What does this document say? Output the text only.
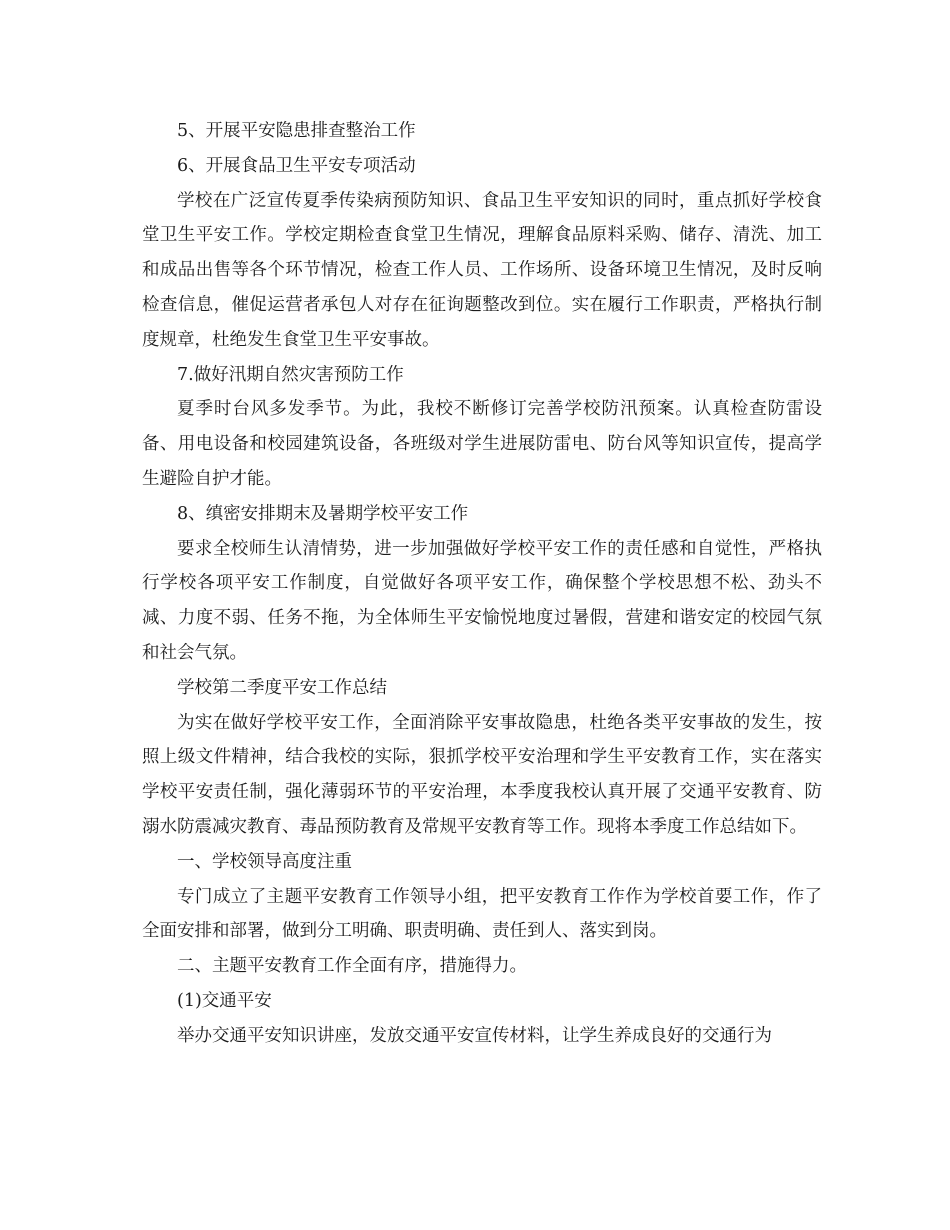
5、开展平安隐患排查整治工作

6、开展食品卫生平安专项活动

学校在广泛宣传夏季传染病预防知识、食品卫生平安知识的同时，重点抓好学校食堂卫生平安工作。学校定期检查食堂卫生情况，理解食品原料采购、储存、清洗、加工和成品出售等各个环节情况，检查工作人员、工作场所、设备环境卫生情况，及时反响检查信息，催促运营者承包人对存在征询题整改到位。实在履行工作职责，严格执行制度规章，杜绝发生食堂卫生平安事故。

7.做好汛期自然灾害预防工作

夏季时台风多发季节。为此，我校不断修订完善学校防汛预案。认真检查防雷设备、用电设备和校园建筑设备，各班级对学生进展防雷电、防台风等知识宣传，提高学生避险自护才能。

8、缜密安排期末及暑期学校平安工作

要求全校师生认清情势，进一步加强做好学校平安工作的责任感和自觉性，严格执行学校各项平安工作制度，自觉做好各项平安工作，确保整个学校思想不松、劲头不减、力度不弱、任务不拖，为全体师生平安愉悦地度过暑假，营建和谐安定的校园气氛和社会气氛。

学校第二季度平安工作总结

为实在做好学校平安工作，全面消除平安事故隐患，杜绝各类平安事故的发生，按照上级文件精神，结合我校的实际，狠抓学校平安治理和学生平安教育工作，实在落实学校平安责任制，强化薄弱环节的平安治理，本季度我校认真开展了交通平安教育、防溺水防震减灾教育、毒品预防教育及常规平安教育等工作。现将本季度工作总结如下。

一、学校领导高度注重

专门成立了主题平安教育工作领导小组，把平安教育工作作为学校首要工作，作了全面安排和部署，做到分工明确、职责明确、责任到人、落实到岗。

二、主题平安教育工作全面有序，措施得力。

(1)交通平安

举办交通平安知识讲座，发放交通平安宣传材料，让学生养成良好的交通行为
